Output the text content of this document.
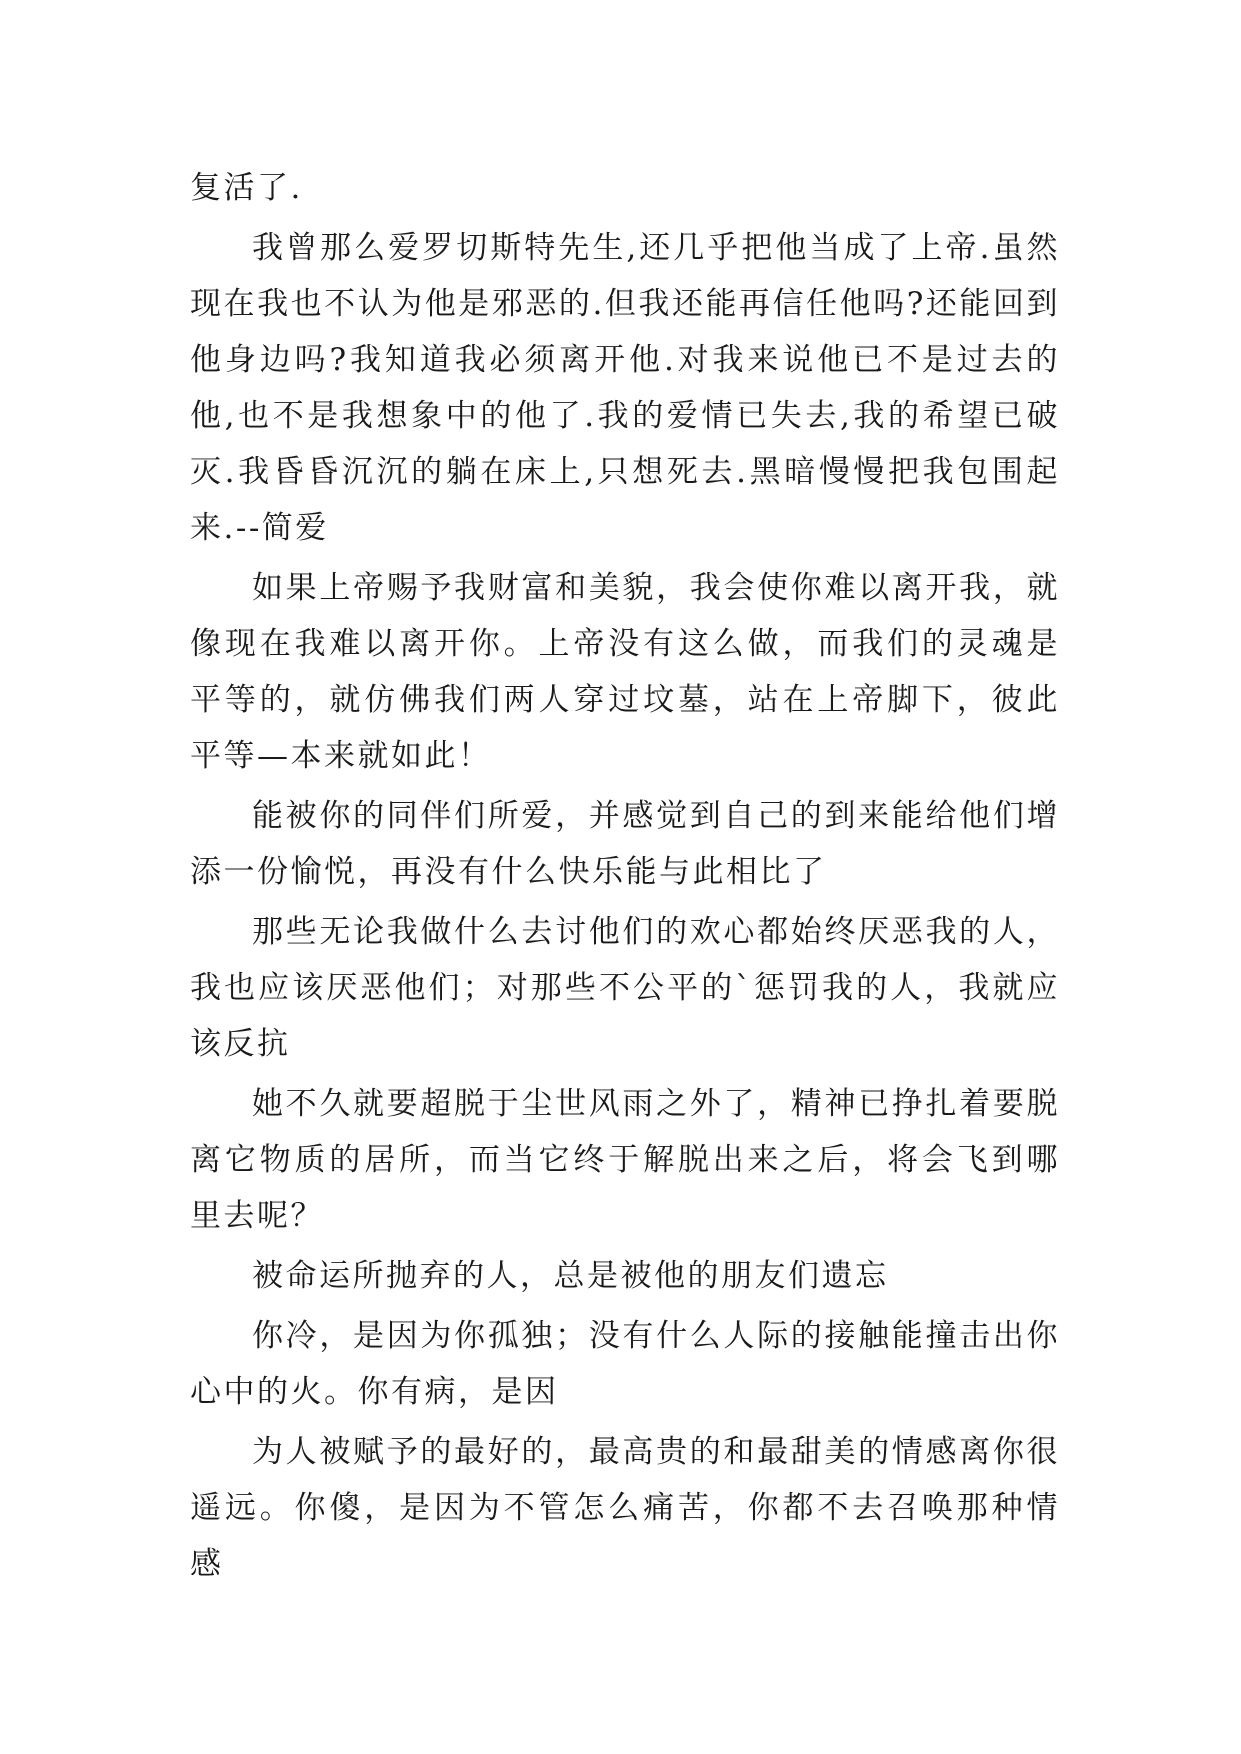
复活了.

我曾那么爱罗切斯特先生,还几乎把他当成了上帝.虽然现在我也不认为他是邪恶的.但我还能再信任他吗?还能回到他身边吗?我知道我必须离开他.对我来说他已不是过去的他,也不是我想象中的他了.我的爱情已失去,我的希望已破灭.我昏昏沉沉的躺在床上,只想死去.黑暗慢慢把我包围起来.--简爱

如果上帝赐予我财富和美貌，我会使你难以离开我，就像现在我难以离开你。上帝没有这么做，而我们的灵魂是平等的，就仿佛我们两人穿过坟墓，站在上帝脚下，彼此平等—本来就如此！

能被你的同伴们所爱，并感觉到自己的到来能给他们增添一份愉悦，再没有什么快乐能与此相比了

那些无论我做什么去讨他们的欢心都始终厌恶我的人，我也应该厌恶他们；对那些不公平的`惩罚我的人，我就应该反抗

她不久就要超脱于尘世风雨之外了，精神已挣扎着要脱离它物质的居所，而当它终于解脱出来之后，将会飞到哪里去呢？

被命运所抛弃的人，总是被他的朋友们遗忘

你冷，是因为你孤独；没有什么人际的接触能撞击出你心中的火。你有病，是因

为人被赋予的最好的，最高贵的和最甜美的情感离你很遥远。你傻，是因为不管怎么痛苦，你都不去召唤那种情感
